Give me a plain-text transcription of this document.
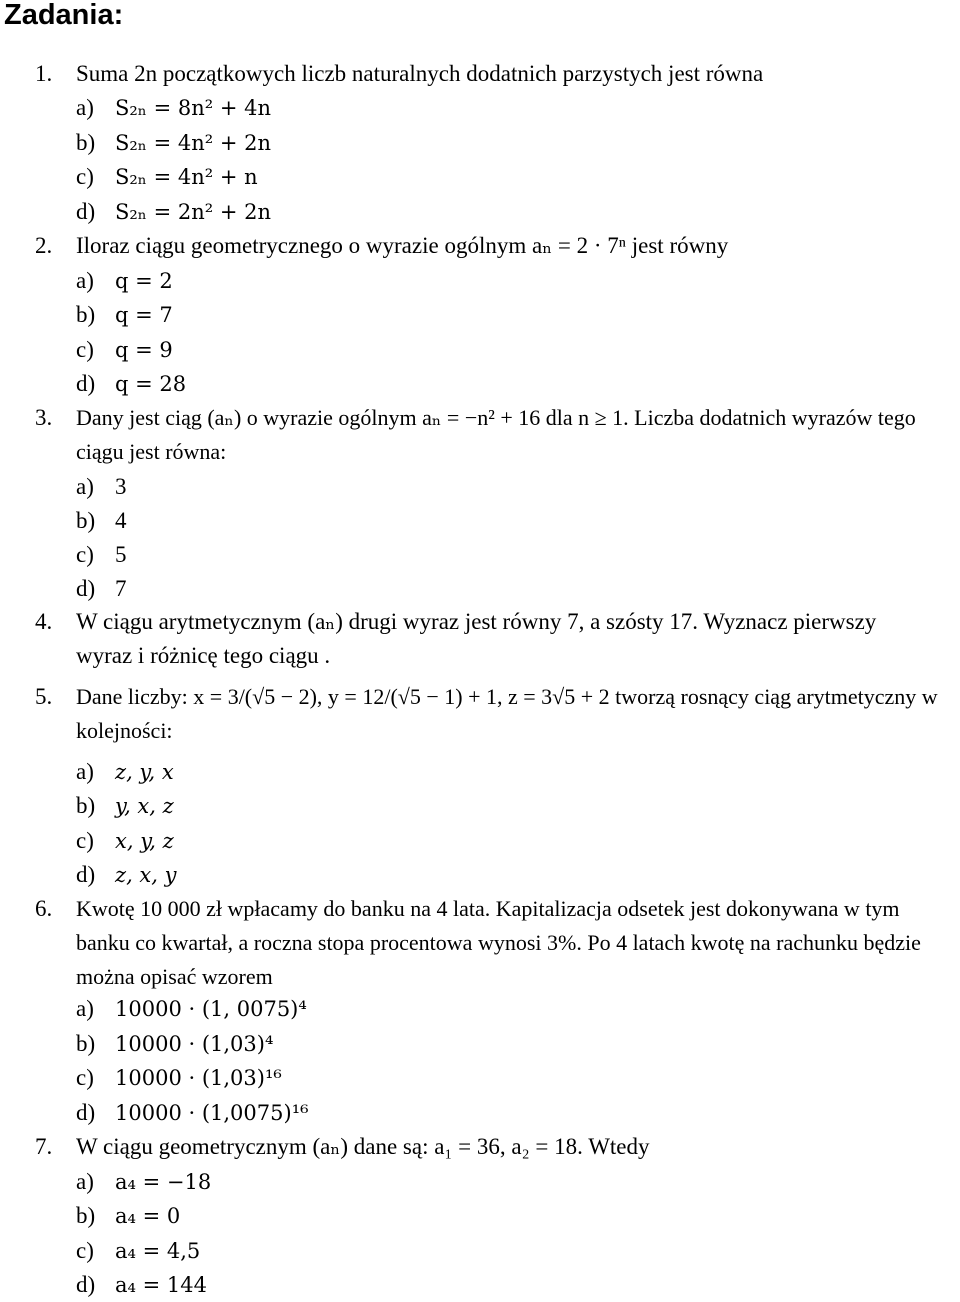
Zadania:
1. Suma 2n początkowych liczb naturalnych dodatnich parzystych jest równa
a) S₂ₙ = 8n² + 4n
b) S₂ₙ = 4n² + 2n
c) S₂ₙ = 4n² + n
d) S₂ₙ = 2n² + 2n
2. Iloraz ciągu geometrycznego o wyrazie ogólnym aₙ = 2 · 7ⁿ jest równy
a) q = 2
b) q = 7
c) q = 9
d) q = 28
3. Dany jest ciąg (aₙ) o wyrazie ogólnym aₙ = −n² + 16 dla n ≥ 1. Liczba dodatnich wyrazów tego ciągu jest równa:
a) 3
b) 4
c) 5
d) 7
4. W ciągu arytmetycznym (aₙ) drugi wyraz jest równy 7, a szósty 17. Wyznacz pierwszy wyraz i różnicę tego ciągu .
5. Dane liczby: x = 3/(√5 − 2), y = 12/(√5 − 1) + 1, z = 3√5 + 2 tworzą rosnący ciąg arytmetyczny w kolejności:
a) z, y, x
b) y, x, z
c) x, y, z
d) z, x, y
6. Kwotę 10 000 zł wpłacamy do banku na 4 lata. Kapitalizacja odsetek jest dokonywana w tym banku co kwartał, a roczna stopa procentowa wynosi 3%. Po 4 latach kwotę na rachunku będzie można opisać wzorem
a) 10000 · (1, 0075)⁴
b) 10000 · (1,03)⁴
c) 10000 · (1,03)¹⁶
d) 10000 · (1,0075)¹⁶
7. W ciągu geometrycznym (aₙ) dane są: a₁ = 36, a₂ = 18. Wtedy
a) a₄ = −18
b) a₄ = 0
c) a₄ = 4,5
d) a₄ = 144
